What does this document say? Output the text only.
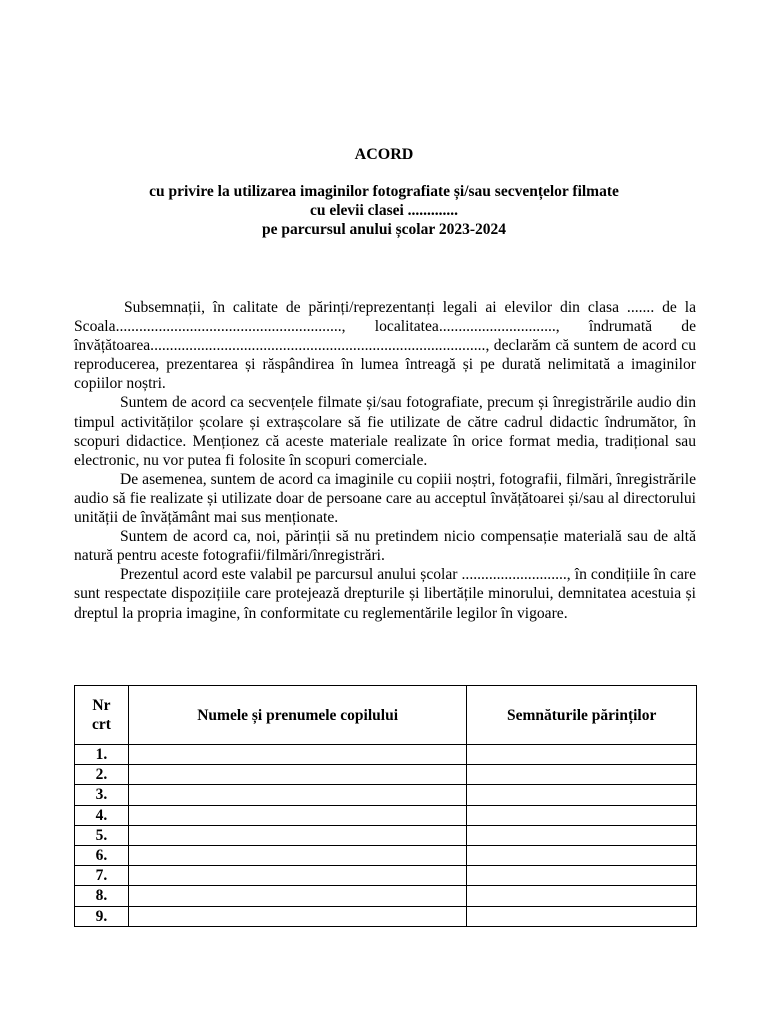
ACORD
cu privire la utilizarea imaginilor fotografiate și/sau secvențelor filmate
cu elevii clasei .............
pe parcursul anului școlar 2023-2024

Subsemnații, în calitate de părinți/reprezentanți legali ai elevilor din clasa ....... de la Scoala.........................................................., localitatea.............................., îndrumată de învățătoarea......................................................................................, declarăm că suntem de acord cu reproducerea, prezentarea și răspândirea în lumea întreagă și pe durată nelimitată a imaginilor copiilor noștri.

Suntem de acord ca secvențele filmate și/sau fotografiate, precum și înregistrările audio din timpul activităților școlare și extrașcolare să fie utilizate de către cadrul didactic îndrumător, în scopuri didactice. Menționez că aceste materiale realizate în orice format media, tradițional sau electronic, nu vor putea fi folosite în scopuri comerciale.

De asemenea, suntem de acord ca imaginile cu copiii noștri, fotografii, filmări, înregistrările audio să fie realizate și utilizate doar de persoane care au acceptul învățătoarei și/sau al directorului unității de învățământ mai sus menționate.

Suntem de acord ca, noi, părinții să nu pretindem nicio compensație materială sau de altă natură pentru aceste fotografii/filmări/înregistrări.

Prezentul acord este valabil pe parcursul anului școlar ..........................., în condițiile în care sunt respectate dispozițiile care protejează drepturile și libertățile minorului, demnitatea acestuia și dreptul la propria imagine, în conformitate cu reglementările legilor în vigoare.

Nr crt	Numele și prenumele copilului	Semnăturile părinților
1.		
2.		
3.		
4.		
5.		
6.		
7.		
8.		
9.		
